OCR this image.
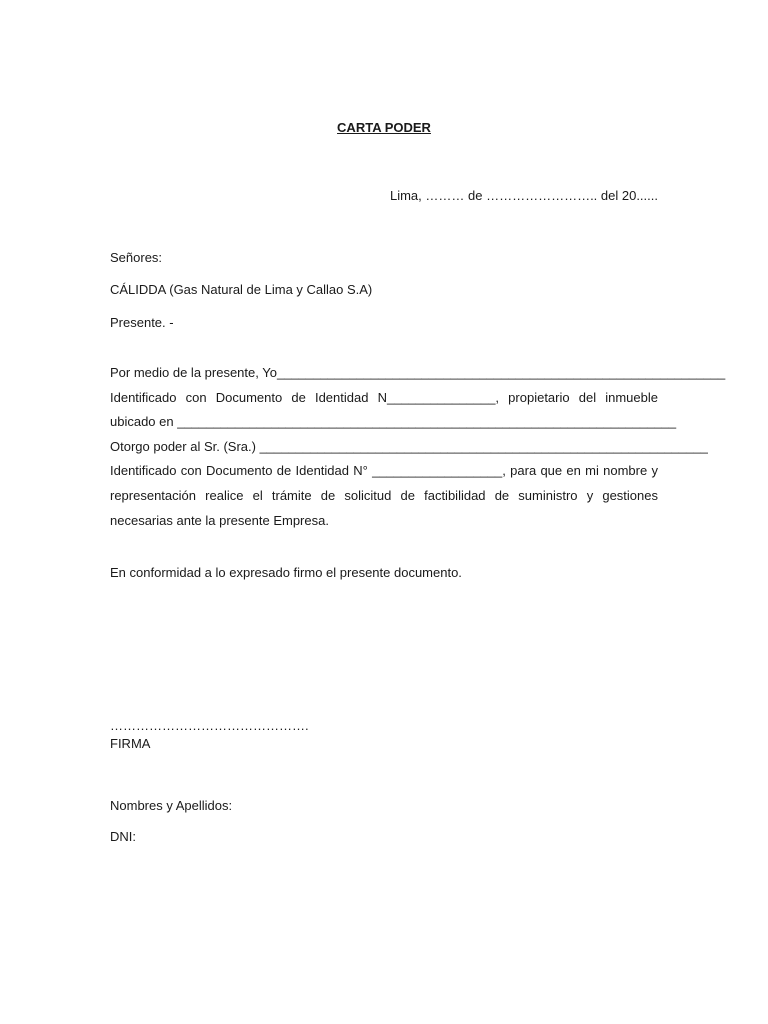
CARTA PODER
Lima, ……… de …………………….. del 20......
Señores:
CÁLIDDA (Gas Natural de Lima y Callao S.A)
Presente. -

Por medio de la presente, Yo______________________________________________________________
Identificado con Documento de Identidad N_______________, propietario del inmueble
ubicado en _____________________________________________________________________
Otorgo poder al Sr. (Sra.) ______________________________________________________________
Identificado con Documento de Identidad N° __________________, para que en mi nombre y
representación realice el trámite de solicitud de factibilidad de suministro y gestiones
necesarias ante la presente Empresa.

En conformidad a lo expresado firmo el presente documento.
……………………………………….
FIRMA
Nombres y Apellidos:
DNI:
